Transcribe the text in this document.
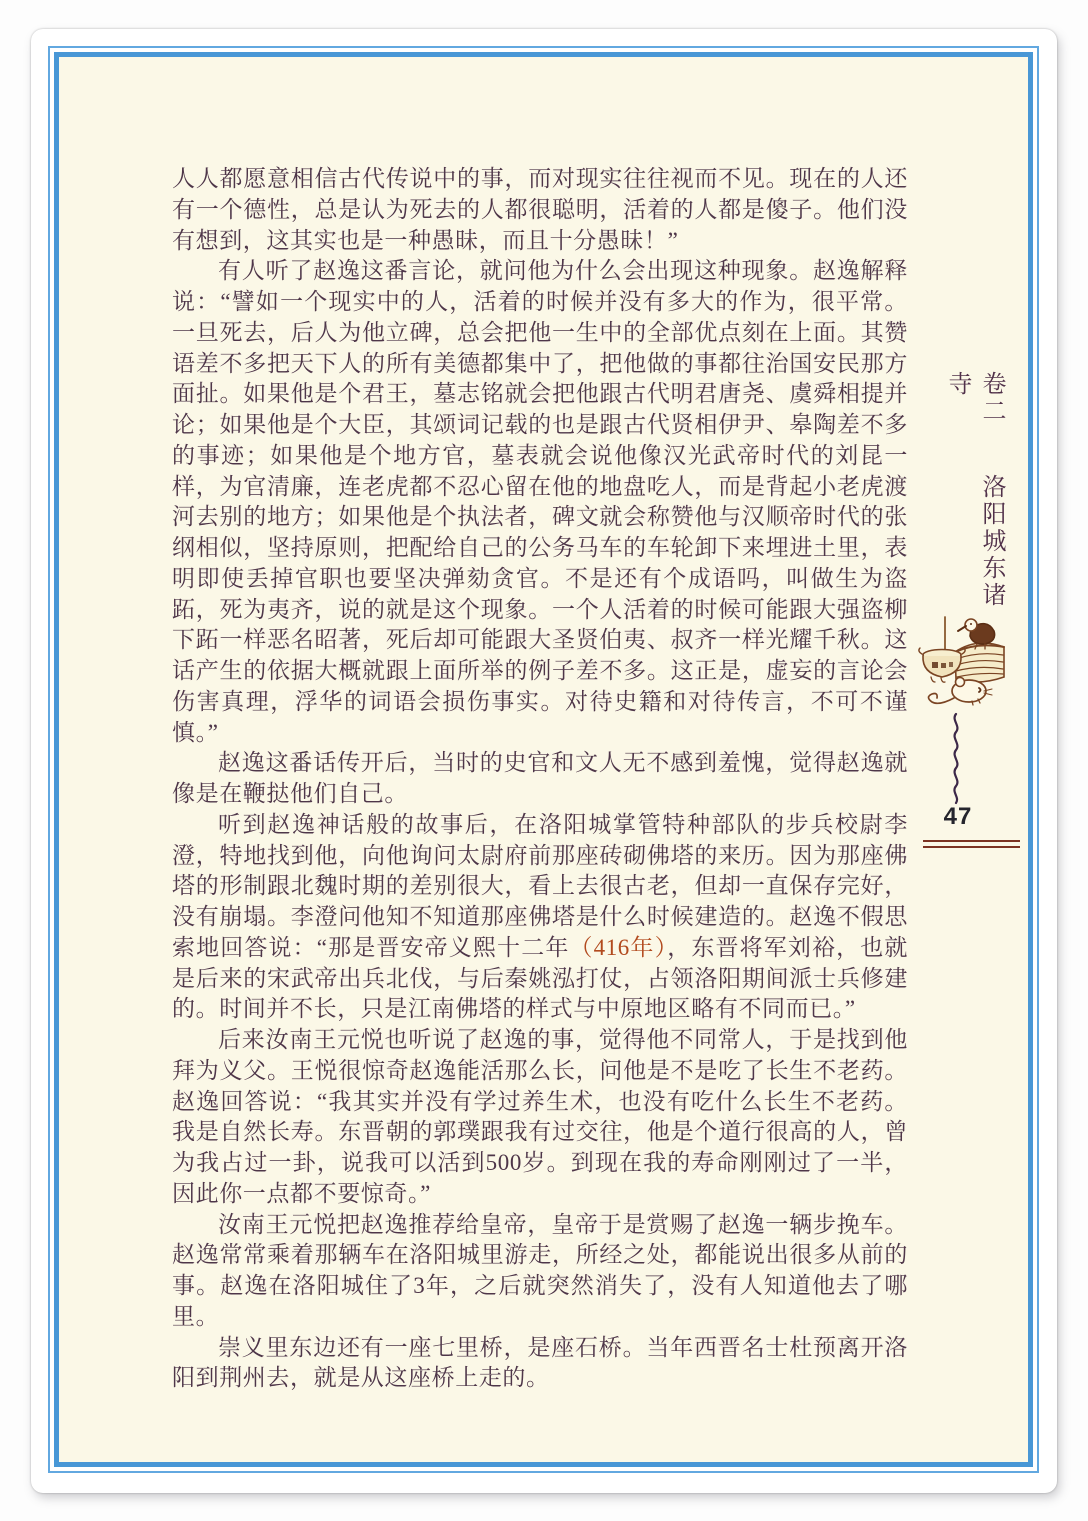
人人都愿意相信古代传说中的事，而对现实往往视而不见。现在的人还有一个德性，总是认为死去的人都很聪明，活着的人都是傻子。他们没有想到，这其实也是一种愚昧，而且十分愚昧！”

有人听了赵逸这番言论，就问他为什么会出现这种现象。赵逸解释说：“譬如一个现实中的人，活着的时候并没有多大的作为，很平常。一旦死去，后人为他立碑，总会把他一生中的全部优点刻在上面。其赞语差不多把天下人的所有美德都集中了，把他做的事都往治国安民那方面扯。如果他是个君王，墓志铭就会把他跟古代明君唐尧、虞舜相提并论；如果他是个大臣，其颂词记载的也是跟古代贤相伊尹、皋陶差不多的事迹；如果他是个地方官，墓表就会说他像汉光武帝时代的刘昆一样，为官清廉，连老虎都不忍心留在他的地盘吃人，而是背起小老虎渡河去别的地方；如果他是个执法者，碑文就会称赞他与汉顺帝时代的张纲相似，坚持原则，把配给自己的公务马车的车轮卸下来埋进土里，表明即使丢掉官职也要坚决弹劾贪官。不是还有个成语吗，叫做生为盗跖，死为夷齐，说的就是这个现象。一个人活着的时候可能跟大强盗柳下跖一样恶名昭著，死后却可能跟大圣贤伯夷、叔齐一样光耀千秋。这话产生的依据大概就跟上面所举的例子差不多。这正是，虚妄的言论会伤害真理，浮华的词语会损伤事实。对待史籍和对待传言，不可不谨慎。”

赵逸这番话传开后，当时的史官和文人无不感到羞愧，觉得赵逸就像是在鞭挞他们自己。

听到赵逸神话般的故事后，在洛阳城掌管特种部队的步兵校尉李澄，特地找到他，向他询问太尉府前那座砖砌佛塔的来历。因为那座佛塔的形制跟北魏时期的差别很大，看上去很古老，但却一直保存完好，没有崩塌。李澄问他知不知道那座佛塔是什么时候建造的。赵逸不假思索地回答说：“那是晋安帝义熙十二年（416年），东晋将军刘裕，也就是后来的宋武帝出兵北伐，与后秦姚泓打仗，占领洛阳期间派士兵修建的。时间并不长，只是江南佛塔的样式与中原地区略有不同而已。”

后来汝南王元悦也听说了赵逸的事，觉得他不同常人，于是找到他拜为义父。王悦很惊奇赵逸能活那么长，问他是不是吃了长生不老药。赵逸回答说：“我其实并没有学过养生术，也没有吃什么长生不老药。我是自然长寿。东晋朝的郭璞跟我有过交往，他是个道行很高的人，曾为我占过一卦，说我可以活到500岁。到现在我的寿命刚刚过了一半，因此你一点都不要惊奇。”

汝南王元悦把赵逸推荐给皇帝，皇帝于是赏赐了赵逸一辆步挽车。赵逸常常乘着那辆车在洛阳城里游走，所经之处，都能说出很多从前的事。赵逸在洛阳城住了3年，之后就突然消失了，没有人知道他去了哪里。

崇义里东边还有一座七里桥，是座石桥。当年西晋名士杜预离开洛阳到荆州去，就是从这座桥上走的。

卷二 洛阳城东诸寺
47
